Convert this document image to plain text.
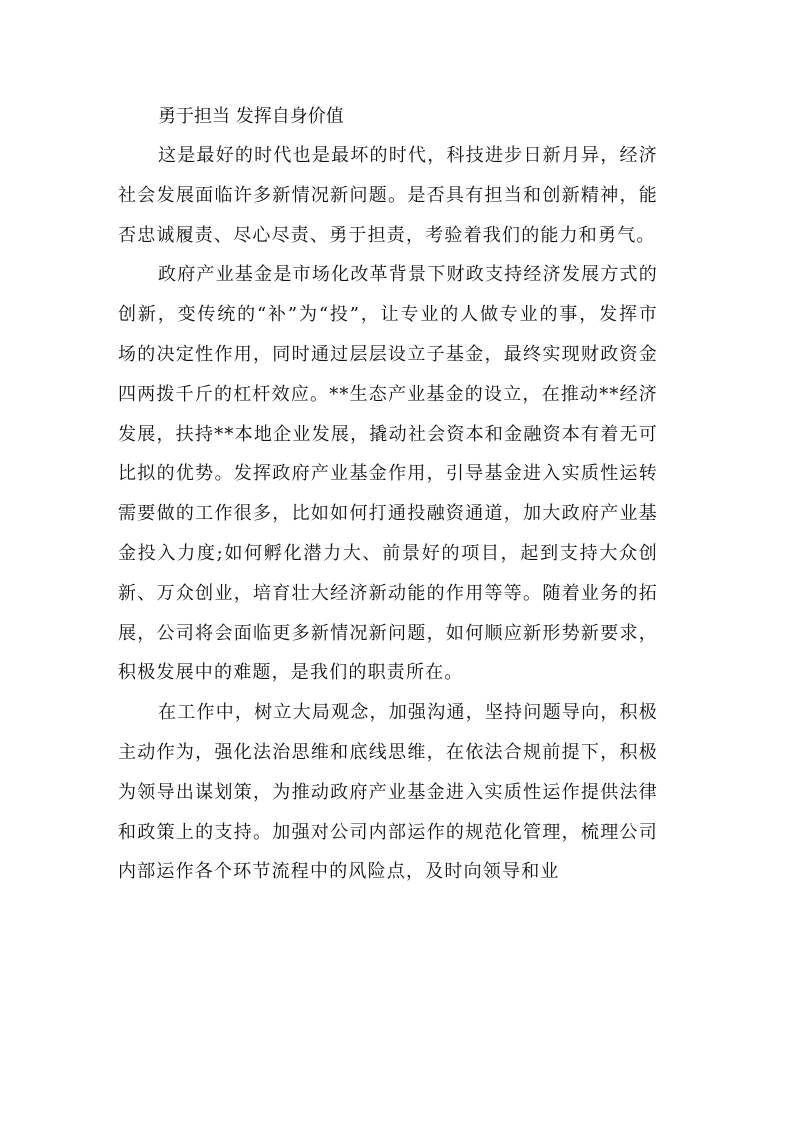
勇于担当 发挥自身价值

这是最好的时代也是最坏的时代，科技进步日新月异，经济社会发展面临许多新情况新问题。是否具有担当和创新精神，能否忠诚履责、尽心尽责、勇于担责，考验着我们的能力和勇气。

政府产业基金是市场化改革背景下财政支持经济发展方式的创新，变传统的“补”为“投”，让专业的人做专业的事，发挥市场的决定性作用，同时通过层层设立子基金，最终实现财政资金四两拨千斤的杠杆效应。**生态产业基金的设立，在推动**经济发展，扶持**本地企业发展，撬动社会资本和金融资本有着无可比拟的优势。发挥政府产业基金作用，引导基金进入实质性运转需要做的工作很多，比如如何打通投融资通道，加大政府产业基金投入力度;如何孵化潜力大、前景好的项目，起到支持大众创新、万众创业，培育壮大经济新动能的作用等等。随着业务的拓展，公司将会面临更多新情况新问题，如何顺应新形势新要求，积极发展中的难题，是我们的职责所在。

在工作中，树立大局观念，加强沟通，坚持问题导向，积极主动作为，强化法治思维和底线思维，在依法合规前提下，积极为领导出谋划策，为推动政府产业基金进入实质性运作提供法律和政策上的支持。加强对公司内部运作的规范化管理，梳理公司内部运作各个环节流程中的风险点，及时向领导和业
